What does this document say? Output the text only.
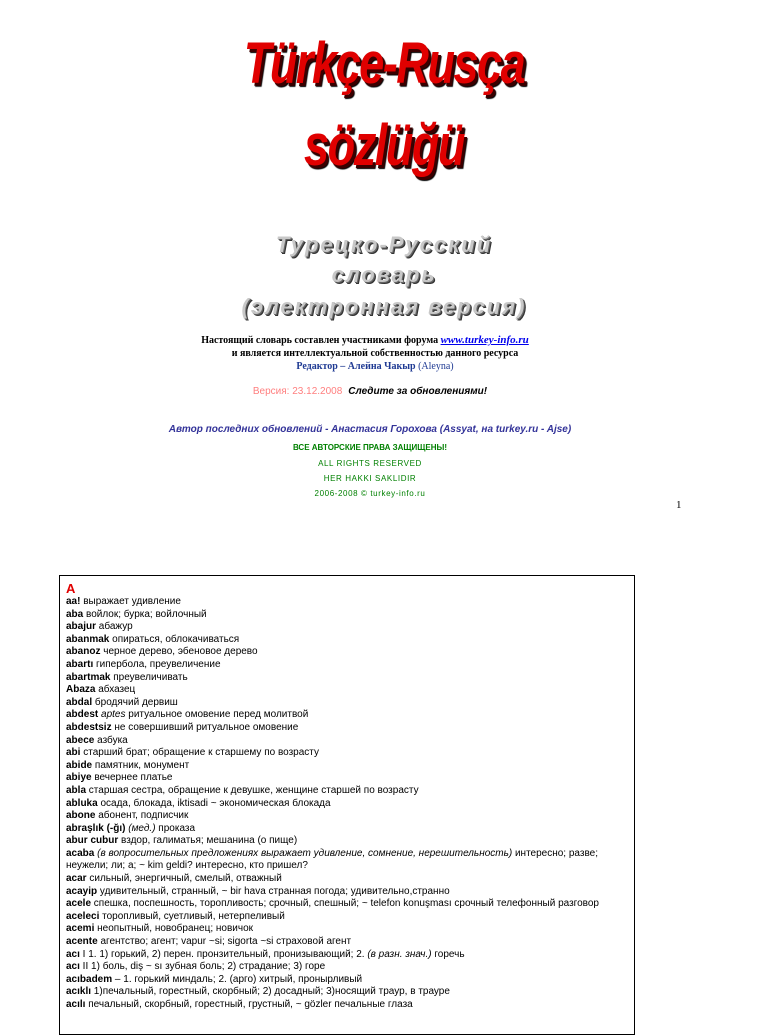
Türkçe-Rusça
sözlüğü
Турецко-Русский
словарь
(электронная версия)
Настоящий словарь составлен участниками форума www.turkey-info.ru
и является интеллектуальной собственностью данного ресурса
Редактор – Алейна Чакыр (Aleyna)
Версия: 23.12.2008 Следите за обновлениями!
Автор последних обновлений - Анастасия Горохова (Assyat, на turkey.ru - Ajse)
ВСЕ АВТОРСКИЕ ПРАВА ЗАЩИЩЕНЫ!
ALL RIGHTS RESERVED
HER HAKKI SAKLIDIR
2006-2008 © turkey-info.ru
1
A
aa! выражает удивление
aba войлок; бурка; войлочный
abajur абажур
abanmak опираться, облокачиваться
abanoz черное дерево, эбеновое дерево
abartı гипербола, преувеличение
abartmak преувеличивать
Abaza абхазец
abdal бродячий дервиш
abdest aptes ритуальное омовение перед молитвой
abdestsiz не совершивший ритуальное омовение
abece азбука
abi старший брат; обращение к старшему по возрасту
abide памятник, монумент
abiye вечернее платье
abla старшая сестра, обращение к девушке, женщине старшей по возрасту
abluka осада, блокада, iktisadi ~ экономическая блокада
abone абонент, подписчик
abraşlık (-ğı) (мед.) проказа
abur cubur вздор, галиматья; мешанина (о пище)
acaba (в вопросительных предложениях выражает удивление, сомнение, нерешительность) интересно; разве; неужели; ли; а; ~ kim geldi? интересно, кто пришел?
acar сильный, энергичный, смелый, отважный
acayip удивительный, странный, ~ bir hava странная погода; удивительно,странно
acele спешка, поспешность, торопливость; срочный, спешный; ~ telefon konuşması срочный телефонный разговор
aceleci торопливый, суетливый, нетерпеливый
acemi неопытный, новобранец; новичок
acente агентство; агент; vapur ~si; sigorta ~si страховой агент
acı I 1. 1) горький, 2) перен. пронзительный, пронизывающий; 2. (в разн. знач.) горечь
acı II 1) боль, diş ~ sı зубная боль; 2) страдание; 3) горе
acıbadem – 1. горький миндаль; 2. (арго) хитрый, пронырливый
acıklı 1)печальный, горестный, скорбный; 2) досадный; 3)носящий траур, в трауре
acılı печальный, скорбный, горестный, грустный, ~ gözler печальные глаза
